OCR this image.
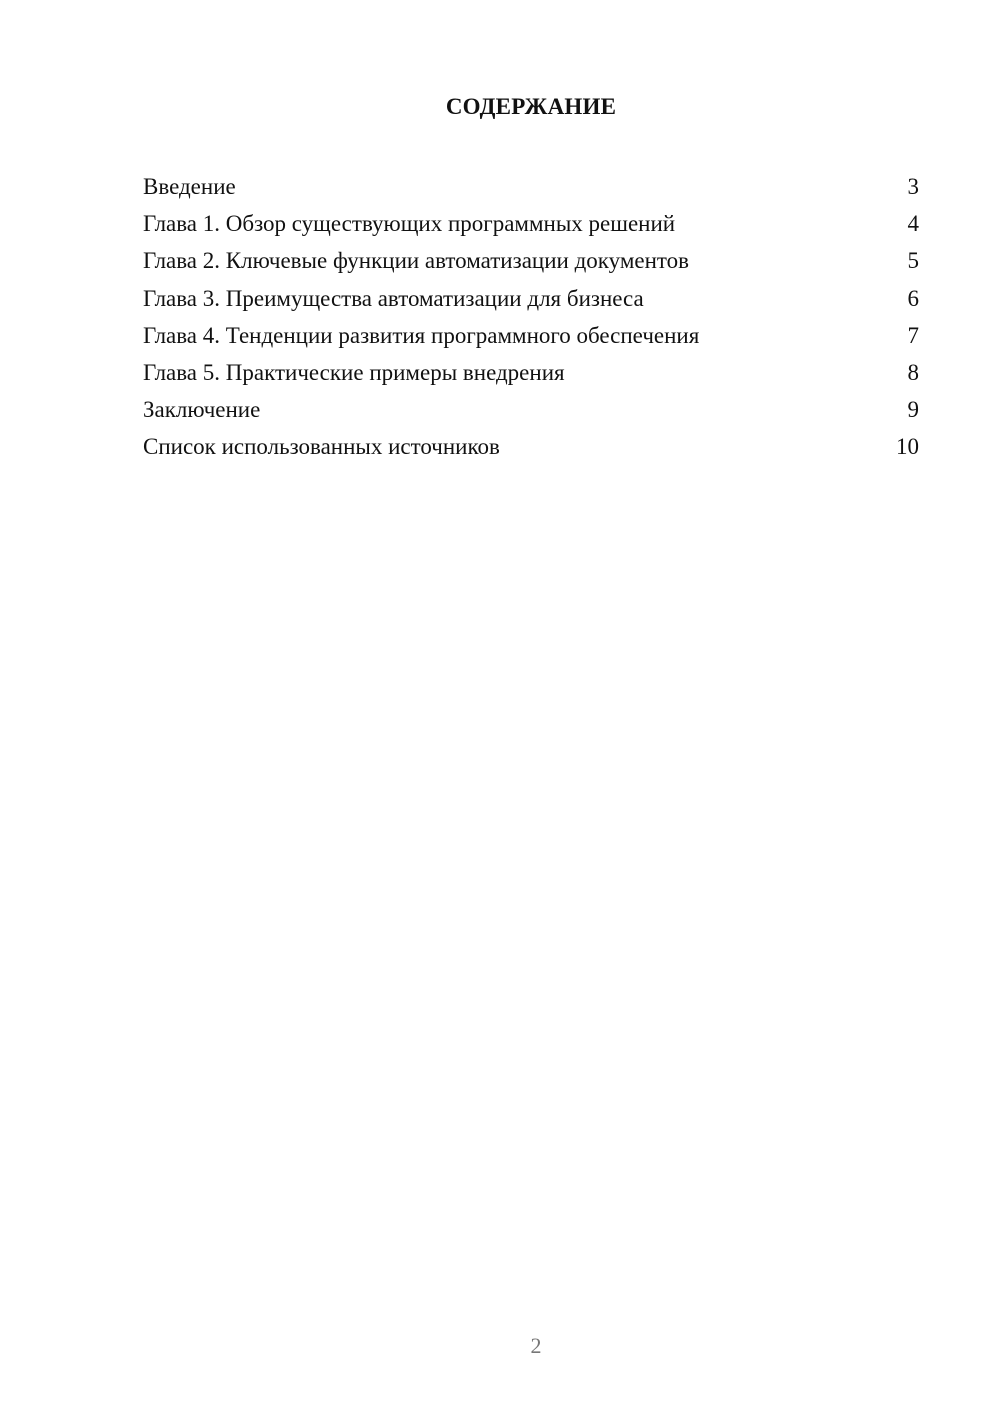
СОДЕРЖАНИЕ
Введение	3
Глава 1. Обзор существующих программных решений	4
Глава 2. Ключевые функции автоматизации документов	5
Глава 3. Преимущества автоматизации для бизнеса	6
Глава 4. Тенденции развития программного обеспечения	7
Глава 5. Практические примеры внедрения	8
Заключение	9
Список использованных источников	10
2
